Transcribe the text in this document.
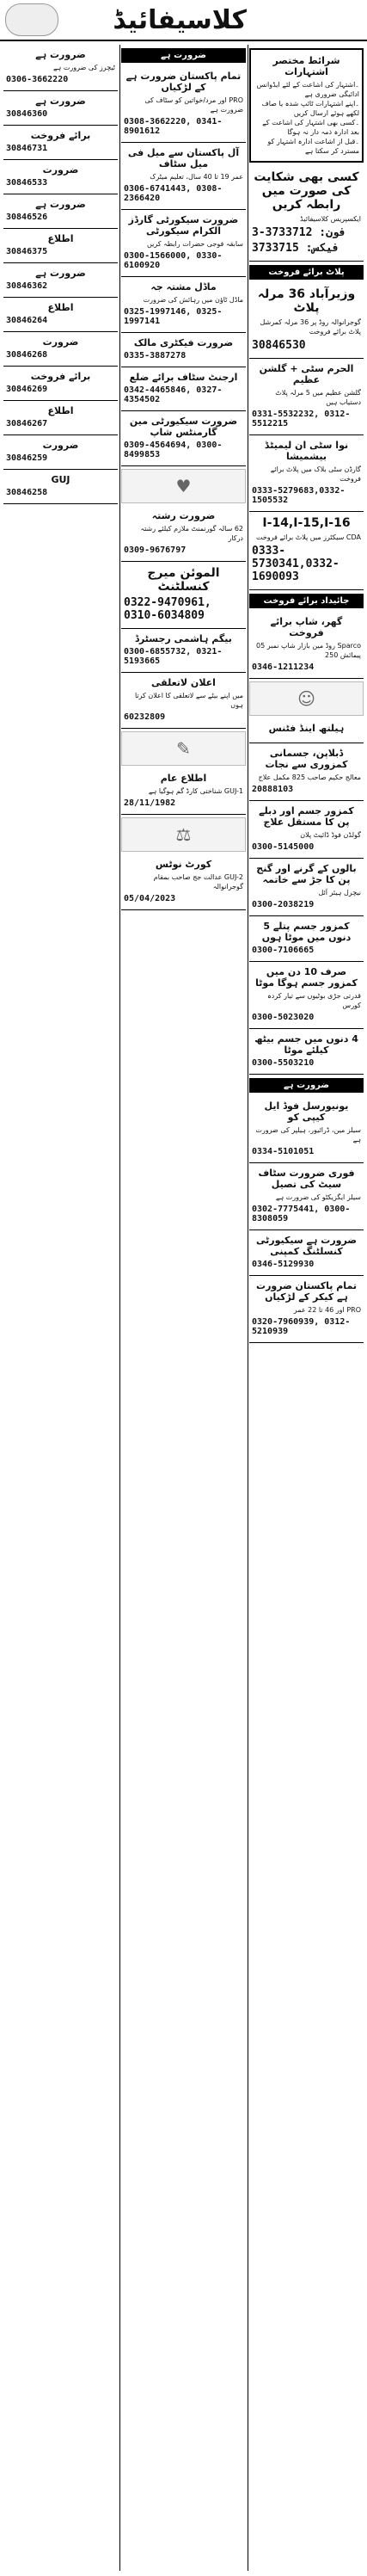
کلاسیفائیڈ
شرائط مختصر اشتہارات

۔اشتہار کی اشاعت کے لئے ایڈوانس ادائیگی ضروری ہے

۔اپنے اشتہارات ٹائپ شدہ یا صاف لکھے ہوئے ارسال کریں

۔کسی بھی اشتہار کی اشاعت کے بعد ادارہ ذمہ دار نہ ہوگا

۔قبل از اشاعت ادارہ اشتہار کو مسترد کر سکتا ہے

کسی بھی شکایت کی صورت میں رابطہ کریں

ایکسپریس کلاسیفائیڈ

فون: 3733712-3
فیکس: 3733715
پلاٹ برائے فروخت
وزیرآباد 36 مرلہ پلاٹ

گوجرانوالہ روڈ پر 36 مرلہ کمرشل پلاٹ برائے فروخت

30846530
الحرم سٹی + گلشن عظیم

گلشن عظیم میں 5 مرلہ پلاٹ دستیاب ہیں

0331-5532232, 0312-5512215
نوا سٹی ان لیمیٹڈ بیشمیشا

گارڈن سٹی بلاک میں پلاٹ برائے فروخت

0333-5279683,0332-1505532
I-14,I-15,I-16

CDA سیکٹرز میں پلاٹ برائے فروخت

0333-5730341,0332-1690093
جائیداد برائے فروخت
گھر، شاپ برائے فروخت

Sparco روڈ مین بازار شاپ نمبر 05 پیمائش 250

0346-1211234
☺
ہیلتھ اینڈ فٹنس
ڈبلاپن، جسمانی کمزوری سے نجات

معالج حکیم صاحب 825 مکمل علاج

20888103
کمزور جسم اور دبلے پن کا مستقل علاج

گولڈن فوڈ ڈائیٹ پلان

0300-5145000
بالوں کے گرنے اور گنج پن کا جڑ سے خاتمہ

نیچرل ہیئر آئل

0300-2038219
کمزور جسم پتلے 5 دنوں میں موٹا ہوں
0300-7106665
صرف 10 دن میں کمزور جسم ہوگا موٹا

قدرتی جڑی بوٹیوں سے تیار کردہ کورس

0300-5023020
4 دنوں میں جسم بیٹھ کیلئے موٹا
0300-5503210
ضرورت ہے
یونیورسل فوڈ ایل کیپی کو

سیلز مین، ڈرائیور، ہیلپر کی ضرورت ہے

0334-5101051
فوری ضرورت سٹاف سیٹ کی تصیل

سیلز ایگزیکٹو کی ضرورت ہے

0302-7775441, 0300-8308059
ضرورت ہے سیکیورٹی کنسلٹنگ کمپنی
0346-5129930
تمام پاکستان ضرورت ہے کیکر کے لڑکیاں

PRO اور 46 تا 22 عمر

0320-7960939, 0312-5210939
ضرورت ہے
تمام پاکستان ضرورت ہے کے لڑکیاں

PRO اور مرد/خواتین کو سٹاف کی ضرورت ہے

0308-3662220, 0341-8901612
آل پاکستان سے میل فی میل سٹاف

عمر 19 تا 40 سال، تعلیم میٹرک

0306-6741443, 0308-2366420
ضرورت سیکورٹی گارڈز الکرام سیکورٹی

سابقہ فوجی حضرات رابطہ کریں

0300-1566000, 0330-6100920
ماڈل مشتہ جہ

ماڈل ٹاؤن میں رہائش کی ضرورت

0325-1997146, 0325-1997141
ضرورت فیکٹری مالک
0335-3887278
ارجنٹ سٹاف برائے ضلع
0342-4465846, 0327-4354502
ضرورت سیکیورٹی مین گارمنٹس شاپ
0309-4564694, 0300-8499853
♥
ضرورت رشتہ

62 سالہ گورنمنٹ ملازم کیلئے رشتہ درکار

0309-9676797
الموئن میرج کنسلٹنٹ
0322-9470961, 0310-6034809
بیگم ہاشمی رجسٹرڈ
0300-6855732, 0321-5193665
اعلان لاتعلقی

میں اپنے بیٹے سے لاتعلقی کا اعلان کرتا ہوں

60232809
✎
اطلاع عام

GUJ-1 شناختی کارڈ گم ہوگیا ہے

28/11/1982
⚖
کورٹ نوٹس

GUJ-2 عدالت جج صاحب بمقام گوجرانوالہ

05/04/2023
ضرورت ہے

ٹیچرز کی ضرورت ہے

0306-3662220
ضرورت ہے
30846360
برائے فروخت
30846731
ضرورت
30846533
ضرورت ہے
30846526
اطلاع
30846375
ضرورت ہے
30846362
اطلاع
30846264
ضرورت
30846268
برائے فروخت
30846269
اطلاع
30846267
ضرورت
30846259
GUJ
30846258
